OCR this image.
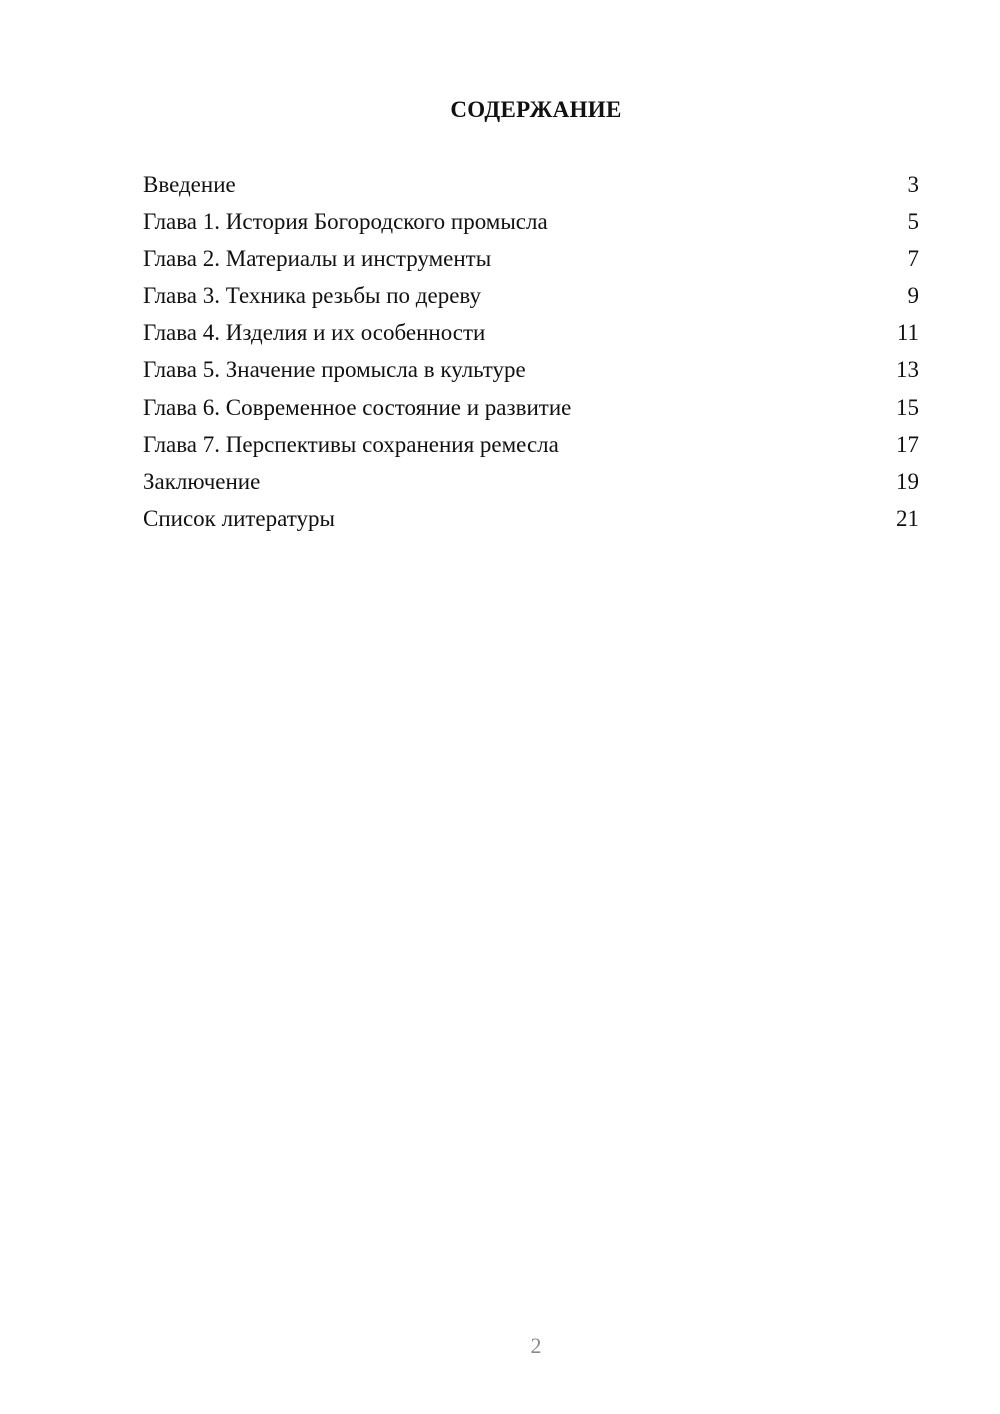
СОДЕРЖАНИЕ
Введение	3
Глава 1. История Богородского промысла	5
Глава 2. Материалы и инструменты	7
Глава 3. Техника резьбы по дереву	9
Глава 4. Изделия и их особенности	11
Глава 5. Значение промысла в культуре	13
Глава 6. Современное состояние и развитие	15
Глава 7. Перспективы сохранения ремесла	17
Заключение	19
Список литературы	21
2
